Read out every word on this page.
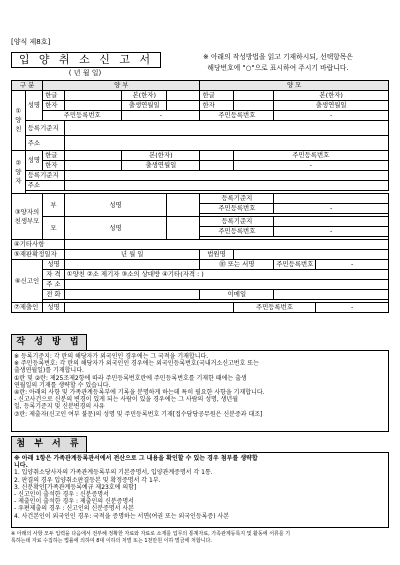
[양식 제8호]
입 양 취 소 신 고 서
( 년 월 일)
※ 아래의 작성방법을 읽고 기재하시되, 선택항목은
해당번호에 "○"으로 표시하여 주시기 바랍니다.
구 분		양 부				양 모			
①양친	성명	한글		본(한자)		한글		본(한자)	
		한자		출생연월일		한자		출생연월일	
		주민등록번호		-		주민등록번호		-	
	등록기준지								
	주소								

②양자	성명	한글		본(한자)			주민등록번호		
		한자		출생연월일			-		
	등록기준지								
	주소								

③양자의 친생부모		부	성명			등록기준지			
						주민등록번호		-	

		모	성명			등록기준지			
						주민등록번호		-	

④기타사항									
⑤재판확정일자			년 월 일			법원명			
⑥신고인		성명				㊞ 또는 서명		주민등록번호	-
		자 격	①양친 ②소 제기자 ③소의 상대방 ④기타(자격 : )						
		주 소							
		전 화				이메일			

⑦제출인		성명					주민등록번호		-
작 성 방 법
※ 등록기준지: 각 란의 해당자가 외국인인 경우에는 그 국적을 기재합니다.
※ 주민등록번호: 각 란의 해당자가 외국인인 경우에는 외국인등록번호(국내거소신고번호 또는
출생연월일)를 기재합니다.
①란 및 ②란: 제25조제2항에 따라 주민등록번호란에 주민등록번호를 기재한 때에는 출생
연월일의 기재를 생략할 수 있습니다.
④란: 아래의 사항 및 가족관계등록부에 기록을 분명하게 하는데 특히 필요한 사항을 기재합니다.
- 신고사건으로 신분의 변경이 있게 되는 사람이 있을 경우에는 그 사람의 성명, 생년월
일, 등록기준지 및 신분변경의 사유
⑦란: 제출자(신고인 여부 불문)의 성명 및 주민등록번호 기재[접수담당공무원은 신분증과 대조]
첨 부 서 류
※ 아래 1항은 가족관계등록관서에서 전산으로 그 내용을 확인할 수 있는 경우 첨부를 생략합
니다.
1. 입양취소당사자의 가족관계등록부의 기본증명서, 입양관계증명서 각 1통.
2. 판결의 경우 입양취소판결등본 및 확정증명서 각 1부.
3. 신분확인[가족관계등록예규 제23호에 의함]
- 신고인이 출석한 경우 : 신분증명서
- 제출인이 출석한 경우 : 제출인의 신분증명서
- 우편제출의 경우 : 신고인의 신분증명서 사본
4. 사건본인이 외국인인 경우: 국적을 증명하는 서면(여권 또는 외국인등록증) 사본
※ 아래의 사항 모두 입력을 다음에서 전부해 정확한 자료와 자료로 소재를 업무의 통계자료, 가족관계등록지 및 활동에 서류를 기
록하는데 자료 수집하는 법률에 의하여 8대 이하의 처벌 또는 1천만원 이하 벌금에 처합니다.
